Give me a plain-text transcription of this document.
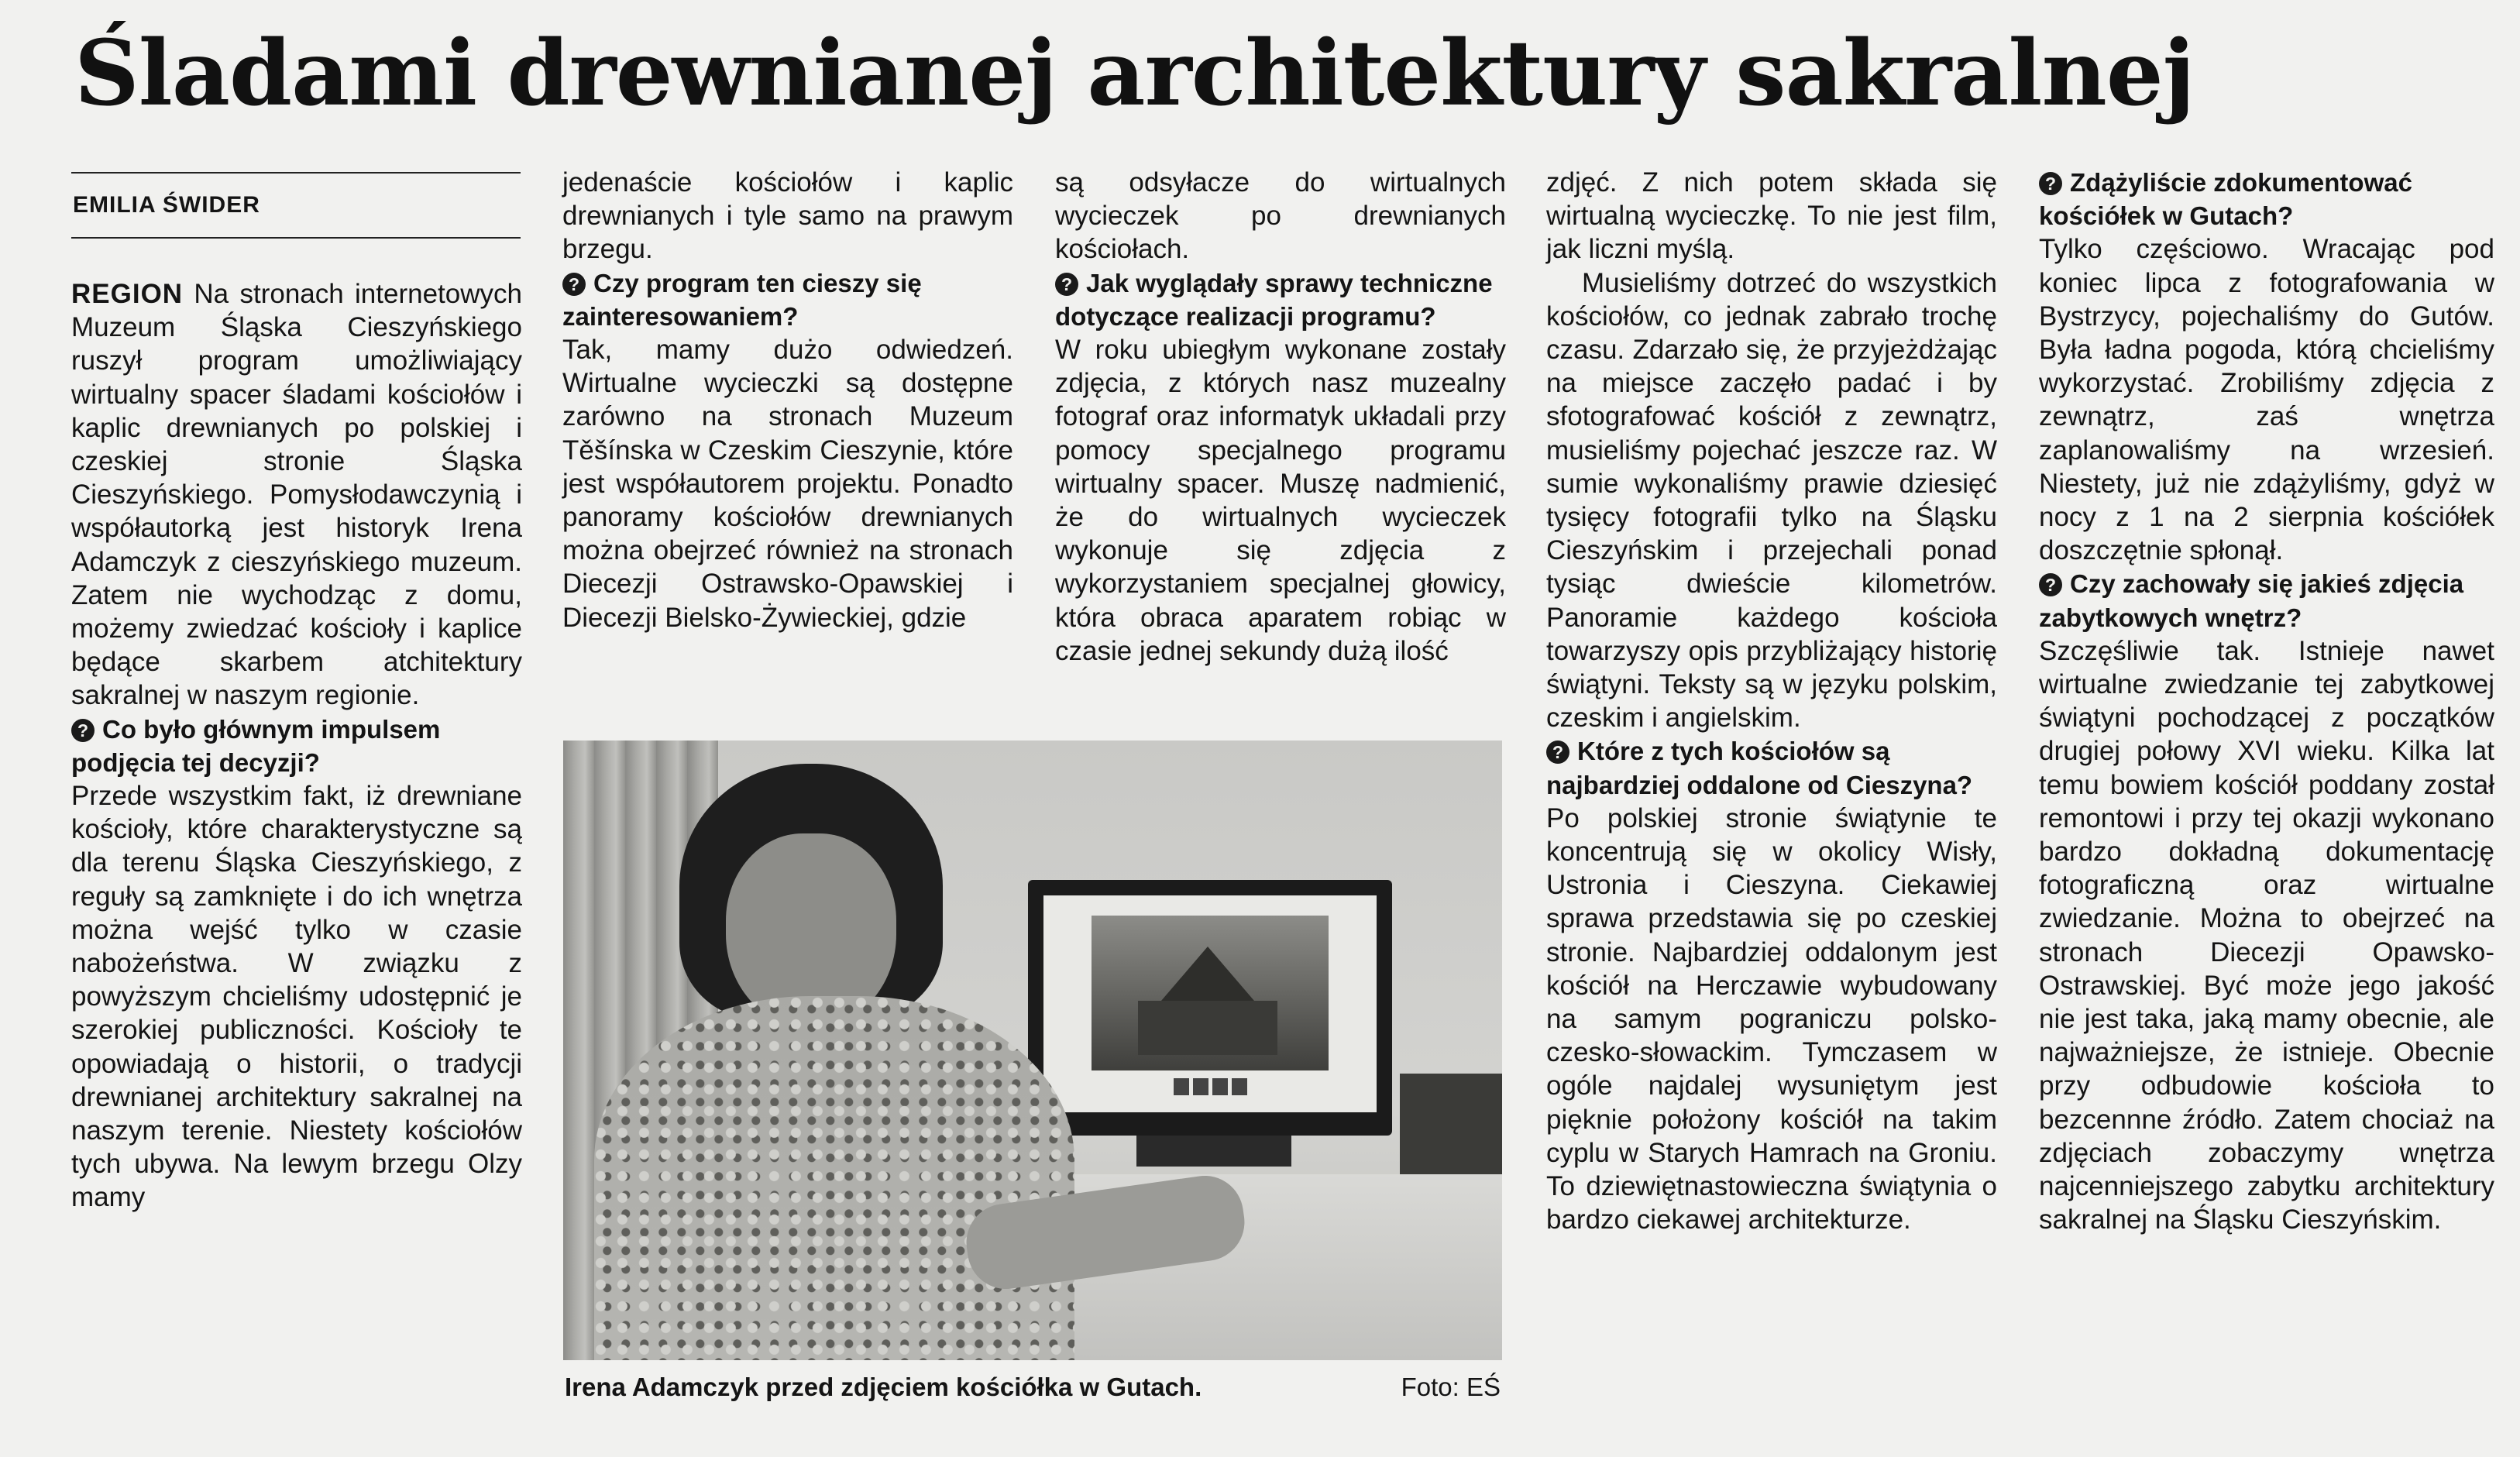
Śladami drewnianej architektury sakralnej

EMILIA ŚWIDER

REGION Na stronach internetowych Muzeum Śląska Cieszyńskiego ruszył program umożliwiający wirtualny spacer śladami kościołów i kaplic drewnianych po polskiej i czeskiej stronie Śląska Cieszyńskiego. Pomysłodawczynią i współautorką jest historyk Irena Adamczyk z cieszyńskiego muzeum. Zatem nie wychodząc z domu, możemy zwiedzać kościoły i kaplice będące skarbem atchitektury sakralnej w naszym regionie.

? Co było głównym impulsem podjęcia tej decyzji?

Przede wszystkim fakt, iż drewniane kościoły, które charakterystyczne są dla terenu Śląska Cieszyńskiego, z reguły są zamknięte i do ich wnętrza można wejść tylko w czasie nabożeństwa. W związku z powyższym chcieliśmy udostępnić je szerokiej publiczności. Kościoły te opowiadają o historii, o tradycji drewnianej architektury sakralnej na naszym terenie. Niestety kościołów tych ubywa. Na lewym brzegu Olzy mamy

jedenaście kościołów i kaplic drewnianych i tyle samo na prawym brzegu.

? Czy program ten cieszy się zainteresowaniem?

Tak, mamy dużo odwiedzeń. Wirtualne wycieczki są dostępne zarówno na stronach Muzeum Těšínska w Czeskim Cieszynie, które jest współautorem projektu. Ponadto panoramy kościołów drewnianych można obejrzeć również na stronach Diecezji Ostrawsko-Opawskiej i Diecezji Bielsko-Żywieckiej, gdzie

są odsyłacze do wirtualnych wycieczek po drewnianych kościołach.

? Jak wyglądały sprawy techniczne dotyczące realizacji programu?

W roku ubiegłym wykonane zostały zdjęcia, z których nasz muzealny fotograf oraz informatyk układali przy pomocy specjalnego programu wirtualny spacer. Muszę nadmienić, że do wirtualnych wycieczek wykonuje się zdjęcia z wykorzystaniem specjalnej głowicy, która obraca aparatem robiąc w czasie jednej sekundy dużą ilość

Irena Adamczyk przed zdjęciem kościółka w Gutach.	Foto: EŚ

zdjęć. Z nich potem składa się wirtualną wycieczkę. To nie jest film, jak liczni myślą.

Musieliśmy dotrzeć do wszystkich kościołów, co jednak zabrało trochę czasu. Zdarzało się, że przyjeżdżając na miejsce zaczęło padać i by sfotografować kościół z zewnątrz, musieliśmy pojechać jeszcze raz. W sumie wykonaliśmy prawie dziesięć tysięcy fotografii tylko na Śląsku Cieszyńskim i przejechali ponad tysiąc dwieście kilometrów. Panoramie każdego kościoła towarzyszy opis przybliżający historię świątyni. Teksty są w języku polskim, czeskim i angielskim.

? Które z tych kościołów są najbardziej oddalone od Cieszyna?

Po polskiej stronie świątynie te koncentrują się w okolicy Wisły, Ustronia i Cieszyna. Ciekawiej sprawa przedstawia się po czeskiej stronie. Najbardziej oddalonym jest kościół na Herczawie wybudowany na samym pograniczu polsko-czesko-słowackim. Tymczasem w ogóle najdalej wysuniętym jest pięknie położony kościół na takim cyplu w Starych Hamrach na Groniu. To dziewiętnastowieczna świątynia o bardzo ciekawej architekturze.

? Zdążyliście zdokumentować kościółek w Gutach?

Tylko częściowo. Wracając pod koniec lipca z fotografowania w Bystrzycy, pojechaliśmy do Gutów. Była ładna pogoda, którą chcieliśmy wykorzystać. Zrobiliśmy zdjęcia z zewnątrz, zaś wnętrza zaplanowaliśmy na wrzesień. Niestety, już nie zdążyliśmy, gdyż w nocy z 1 na 2 sierpnia kościółek doszczętnie spłonął.

? Czy zachowały się jakieś zdjęcia zabytkowych wnętrz?

Szczęśliwie tak. Istnieje nawet wirtualne zwiedzanie tej zabytkowej świątyni pochodzącej z początków drugiej połowy XVI wieku. Kilka lat temu bowiem kościół poddany został remontowi i przy tej okazji wykonano bardzo dokładną dokumentację fotograficzną oraz wirtualne zwiedzanie. Można to obejrzeć na stronach Diecezji Opawsko-Ostrawskiej. Być może jego jakość nie jest taka, jaką mamy obecnie, ale najważniejsze, że istnieje. Obecnie przy odbudowie kościoła to bezcennne źródło. Zatem chociaż na zdjęciach zobaczymy wnętrza najcenniejszego zabytku architektury sakralnej na Śląsku Cieszyńskim.
